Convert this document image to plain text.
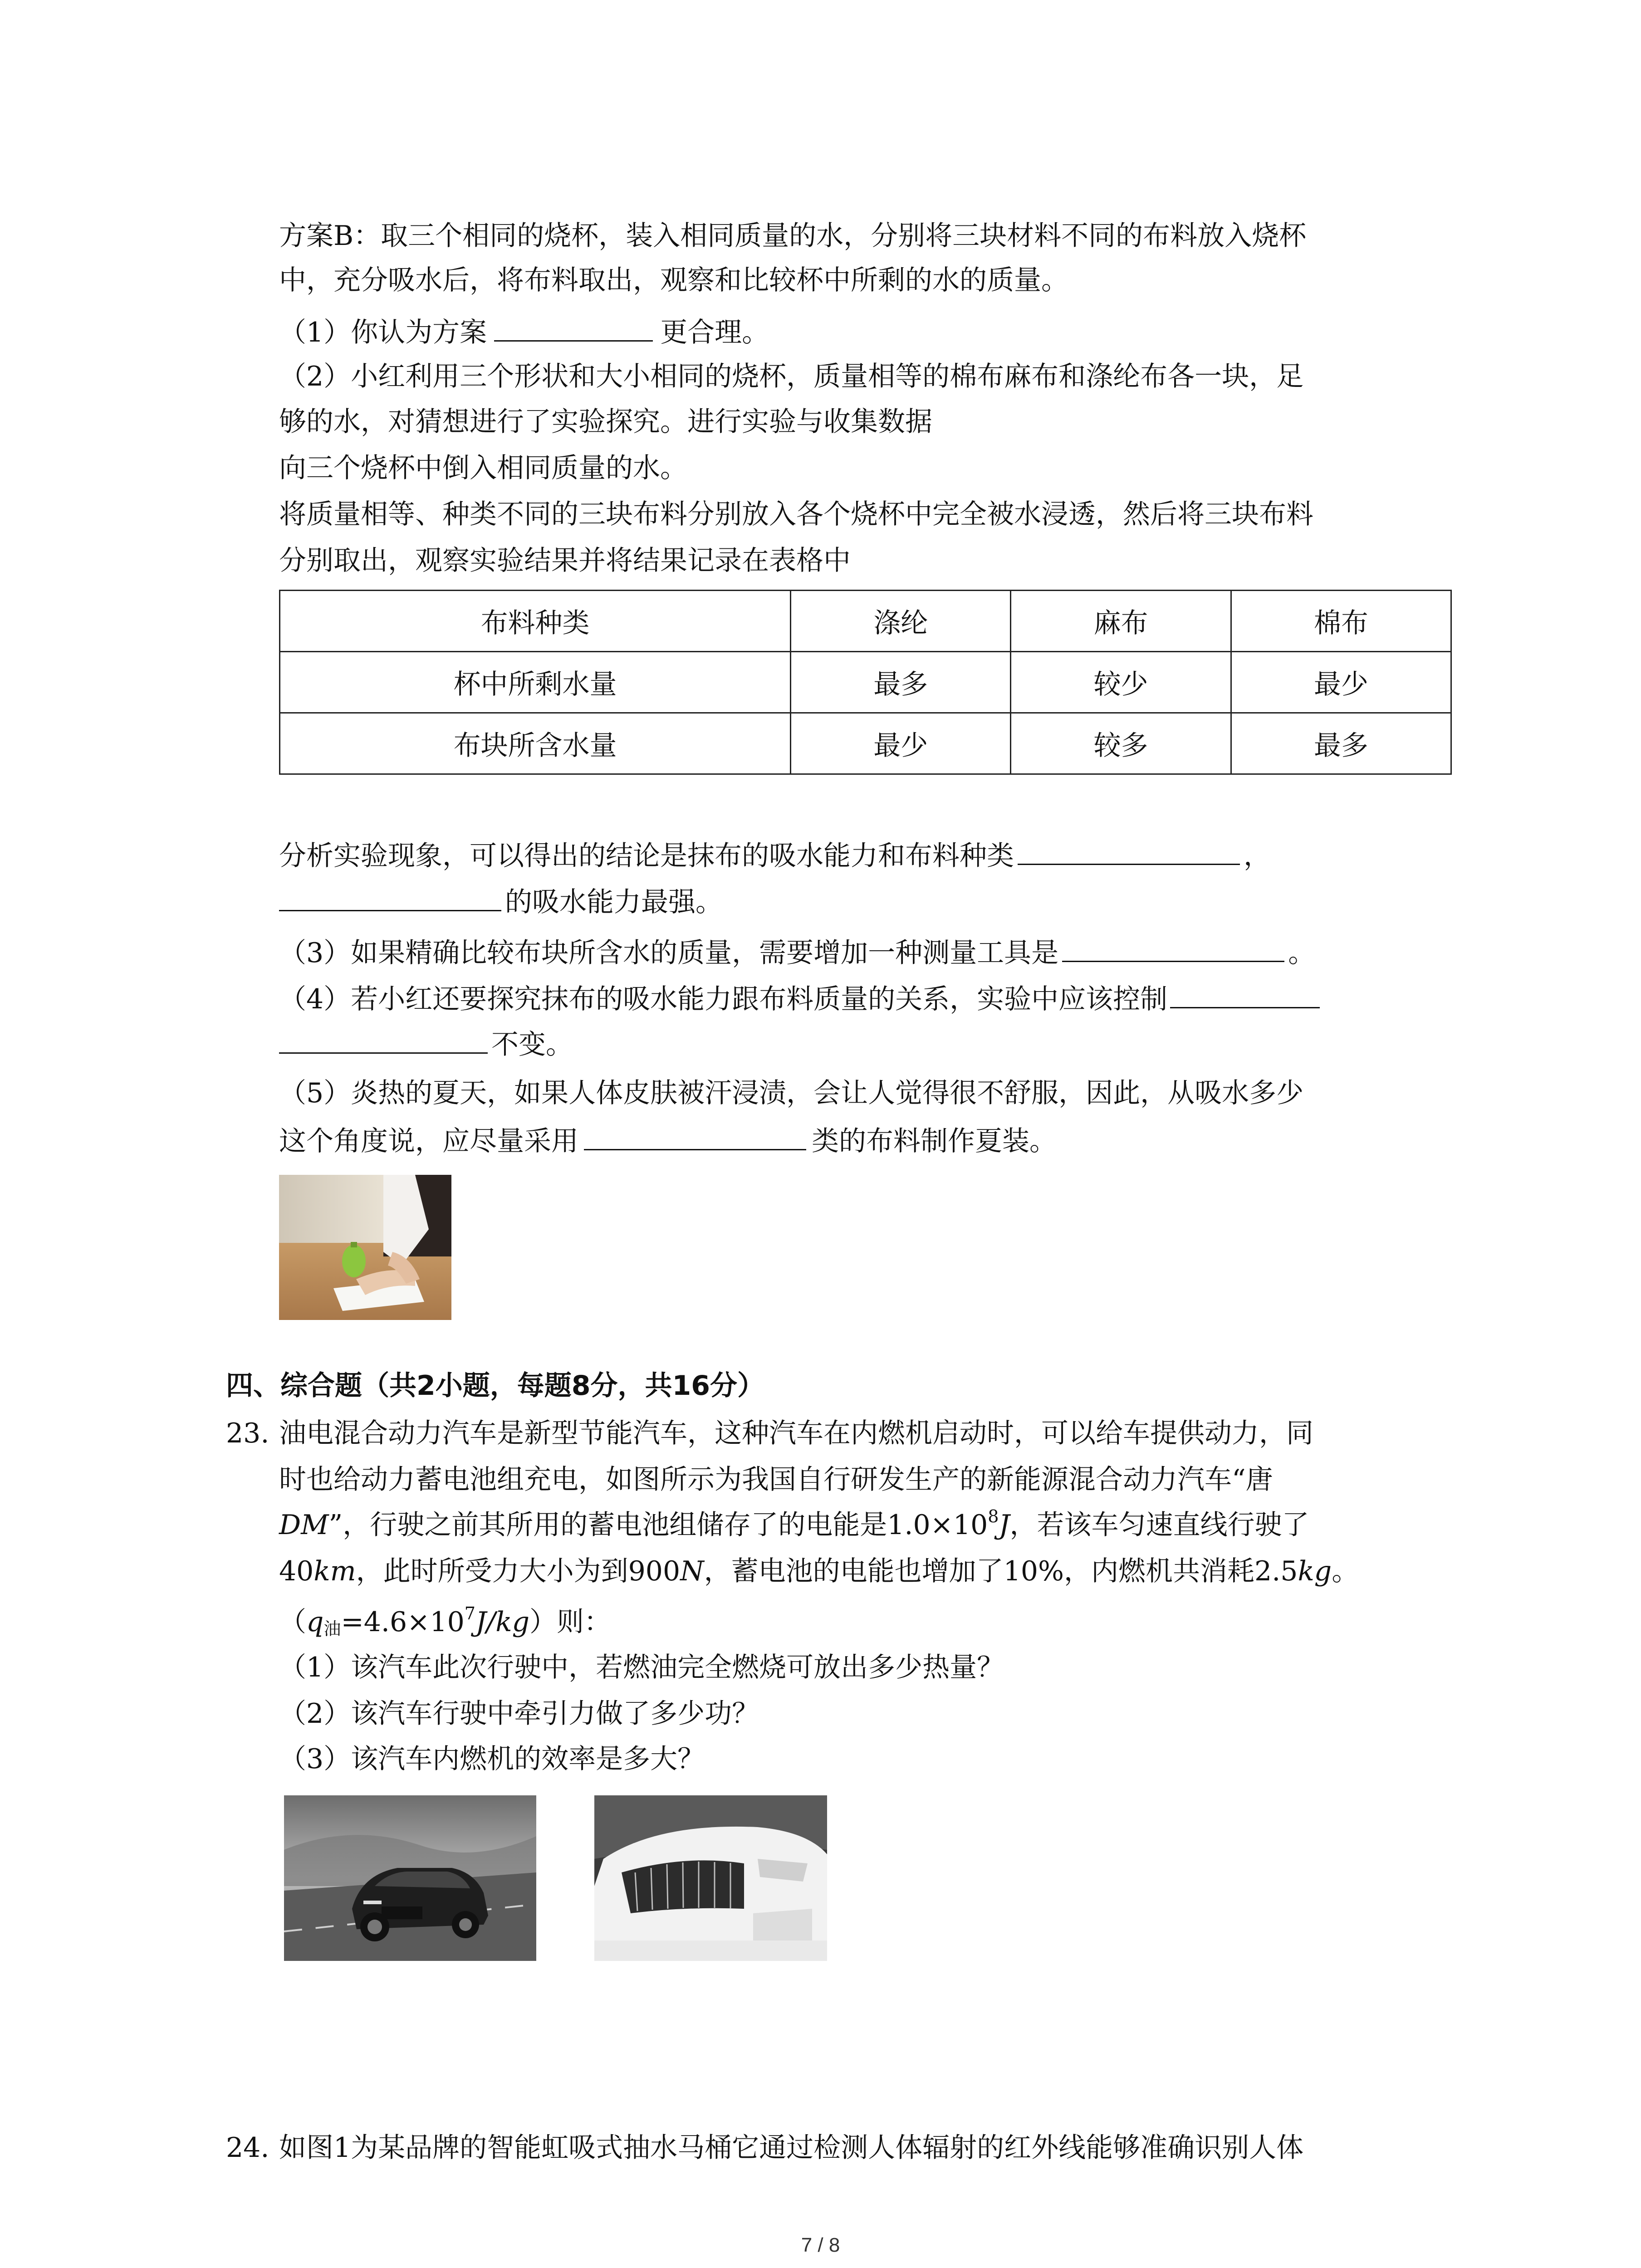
方案B：取三个相同的烧杯，装入相同质量的水，分别将三块材料不同的布料放入烧杯
中，充分吸水后，将布料取出，观察和比较杯中所剩的水的质量。
（1）你认为方案	更合理。
（2）小红利用三个形状和大小相同的烧杯，质量相等的棉布麻布和涤纶布各一块，足
够的水，对猜想进行了实验探究。进行实验与收集数据
向三个烧杯中倒入相同质量的水。
将质量相等、种类不同的三块布料分别放入各个烧杯中完全被水浸透，然后将三块布料
分别取出，观察实验结果并将结果记录在表格中
布料种类	涤纶	麻布	棉布
杯中所剩水量	最多	较少	最少
布块所含水量	最少	较多	最多
分析实验现象，可以得出的结论是抹布的吸水能力和布料种类	，
的吸水能力最强。
（3）如果精确比较布块所含水的质量，需要增加一种测量工具是	。
（4）若小红还要探究抹布的吸水能力跟布料质量的关系，实验中应该控制
不变。
（5）炎热的夏天，如果人体皮肤被汗浸渍，会让人觉得很不舒服，因此，从吸水多少
这个角度说，应尽量采用	类的布料制作夏装。
四、综合题（共2小题，每题8分，共16分）
23. 油电混合动力汽车是新型节能汽车，这种汽车在内燃机启动时，可以给车提供动力，同
时也给动力蓄电池组充电，如图所示为我国自行研发生产的新能源混合动力汽车“唐
DM”，行驶之前其所用的蓄电池组储存了的电能是$1.0\times 10^8J$，若该车匀速直线行驶了
40km，此时所受力大小为到900N，蓄电池的电能也增加了10%，内燃机共消耗2.5kg。
$(q_油=4.6\times 10^7J/kg)$则：
（1）该汽车此次行驶中，若燃油完全燃烧可放出多少热量？
（2）该汽车行驶中牵引力做了多少功？
（3）该汽车内燃机的效率是多大？
24. 如图1为某品牌的智能虹吸式抽水马桶它通过检测人体辐射的红外线能够准确识别人体
7 / 8
